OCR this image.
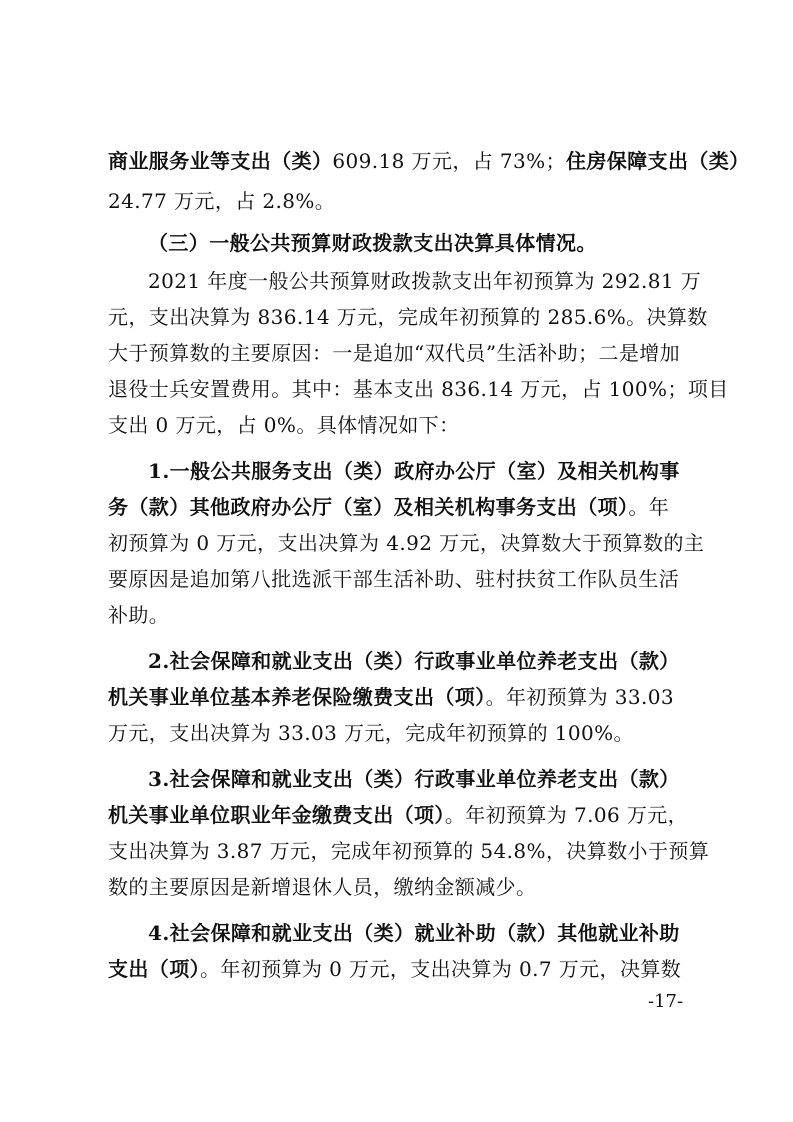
商业服务业等支出（类）609.18 万元，占 73%；住房保障支出（类）
24.77 万元，占 2.8%。
（三）一般公共预算财政拨款支出决算具体情况。
2021 年度一般公共预算财政拨款支出年初预算为 292.81 万
元，支出决算为 836.14 万元，完成年初预算的 285.6%。决算数
大于预算数的主要原因：一是追加“双代员”生活补助；二是增加
退役士兵安置费用。其中：基本支出 836.14 万元，占 100%；项目
支出 0 万元，占 0%。具体情况如下：
1.一般公共服务支出（类）政府办公厅（室）及相关机构事
务（款）其他政府办公厅（室）及相关机构事务支出（项）。年
初预算为 0 万元，支出决算为 4.92 万元，决算数大于预算数的主
要原因是追加第八批选派干部生活补助、驻村扶贫工作队员生活
补助。
2.社会保障和就业支出（类）行政事业单位养老支出（款）
机关事业单位基本养老保险缴费支出（项）。年初预算为 33.03
万元，支出决算为 33.03 万元，完成年初预算的 100%。
3.社会保障和就业支出（类）行政事业单位养老支出（款）
机关事业单位职业年金缴费支出（项）。年初预算为 7.06 万元，
支出决算为 3.87 万元，完成年初预算的 54.8%，决算数小于预算
数的主要原因是新增退休人员，缴纳金额减少。
4.社会保障和就业支出（类）就业补助（款）其他就业补助
支出（项）。年初预算为 0 万元，支出决算为 0.7 万元，决算数
-17-
